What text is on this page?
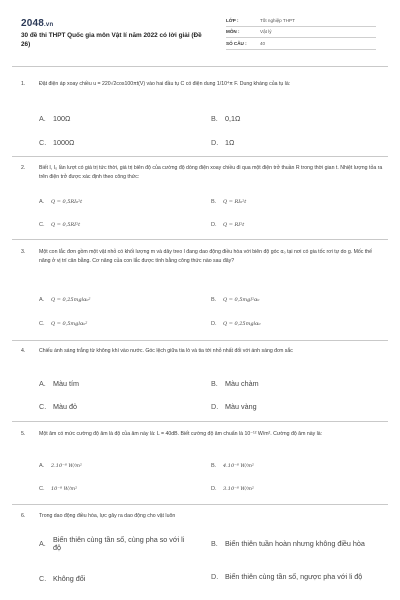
2048.vn
30 đề thi THPT Quốc gia môn Vật lí năm 2022 có lời giải (Đề 26)
LỚP :	Tốt nghiệp THPT
MÔN :	Vật lý
SỐ CÂU :	40
1.	Đặt điện áp xoay chiều u = 220√2cos100πt(V) vào hai đầu tụ C có điện dung 1/10⁴π F. Dung kháng của tụ là:
A.	100Ω	B.	0,1Ω
C. 1000Ω	D. 1Ω
2.	Biết I, I₀ lần lượt có giá trị tức thời, giá trị biên độ của cường độ dòng điện xoay chiều đi qua một điện trở thuần R trong thời gian t. Nhiệt lượng tỏa ra trên điện trở được xác định theo công thức:
A.	Q = 0,5RI₀²t	B.	Q = RI₀²t
C.	Q = 0,5RI²t	D.	Q = RI²t
3.	Một con lắc đơn gồm một vật nhỏ có khối lượng m và dây treo l đang dao động điều hòa với biên độ góc α₀ tại nơi có gia tốc rơi tự do g. Mốc thế năng ở vị trí cân bằng. Cơ năng của con lắc được tính bằng công thức nào sau đây?
A.	Q = 0,25mglα₀²	B.	Q = 0,5mgl²α₀
C.	Q = 0,5mglα₀²	D.	Q = 0,25mglα₀
4.	Chiếu ánh sáng trắng từ không khí vào nước. Góc lệch giữa tia lò và tia tới nhỏ nhất đối với ánh sáng đơn sắc
A.	Màu tím	B.	Màu chàm
C. Màu đỏ	D. Màu vàng
5.	Một âm có mức cường độ âm là độ của âm này là: L = 40dB. Biết cường độ âm chuẩn là 10⁻¹² W/m². Cường độ âm này là:
A.	2.10⁻⁸ W/m²	B.	4.10⁻⁸ W/m²
C.	10⁻⁸ W/m²	D.	3.10⁻⁸ W/m²
6.	Trong dao động điều hòa, lực gây ra dao động cho vật luôn
A.	Biến thiên cùng tần số, cùng pha so với li độ	B.	Biến thiên tuần hoàn nhưng không điều hòa
C. Không đổi	D. Biến thiên cùng tần số, ngược pha với li độ
